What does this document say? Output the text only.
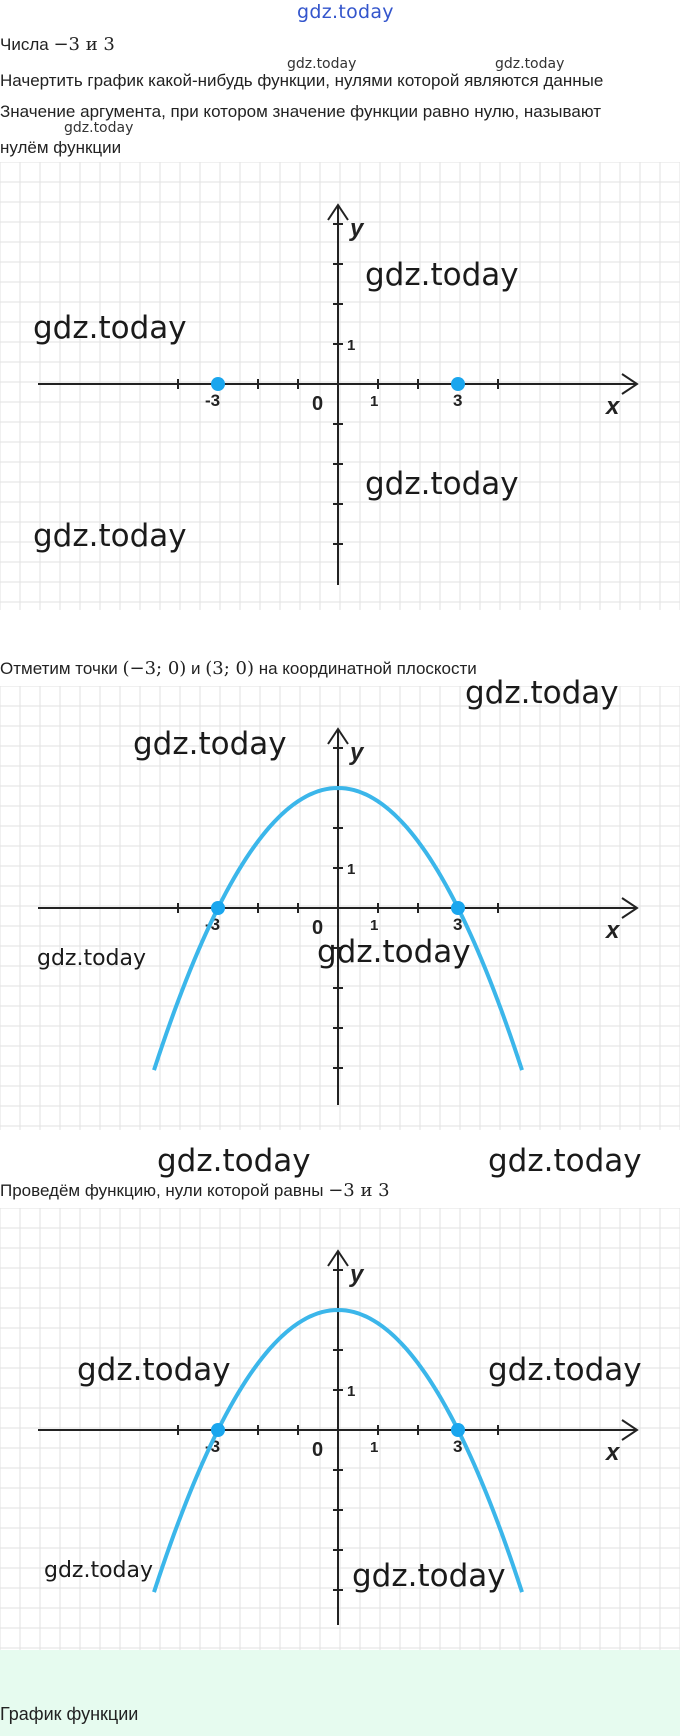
gdz.today
Числа −3 и 3
gdz.today	gdz.today
Начертить график какой-нибудь функции, нулями которой являются данные
Значение аргумента, при котором значение функции равно нулю, называют
gdz.today
нулём функции
y
x
0	1
1
-3	3
Отметим точки (−3; 0) и (3; 0) на координатной плоскости
y
x
0	1
1
-3	3
Проведём функцию, нули которой равны −3 и 3
y
x
0	1
1
-3	3
gdz.today
gdz.today
gdz.today
gdz.today
gdz.today
gdz.today
gdz.today	gdz.today
gdz.today	gdz.today
gdz.today	gdz.today
gdz.today	gdz.today
График функции
